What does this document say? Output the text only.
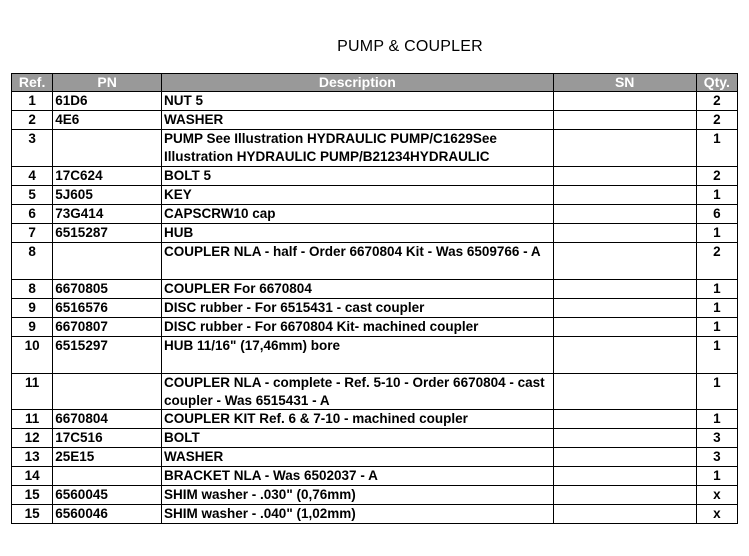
PUMP & COUPLER
Ref.	PN	Description	SN	Qty.
1	61D6	NUT 5		2
2	4E6	WASHER		2
3		PUMP See Illustration HYDRAULIC PUMP/C1629See Illustration HYDRAULIC PUMP/B21234HYDRAULIC		1
4	17C624	BOLT 5		2
5	5J605	KEY		1
6	73G414	CAPSCRW10 cap		6
7	6515287	HUB		1
8		COUPLER NLA - half - Order 6670804 Kit - Was 6509766 - A		2
8	6670805	COUPLER For 6670804		1
9	6516576	DISC rubber - For 6515431 - cast coupler		1
9	6670807	DISC rubber - For 6670804 Kit- machined coupler		1
10	6515297	HUB 11/16" (17,46mm) bore		1
11		COUPLER NLA - complete - Ref. 5-10 - Order 6670804 - cast coupler - Was 6515431 - A		1
11	6670804	COUPLER KIT Ref. 6 & 7-10 - machined coupler		1
12	17C516	BOLT		3
13	25E15	WASHER		3
14		BRACKET NLA - Was 6502037 - A		1
15	6560045	SHIM washer - .030" (0,76mm)		x
15	6560046	SHIM washer - .040" (1,02mm)		x
